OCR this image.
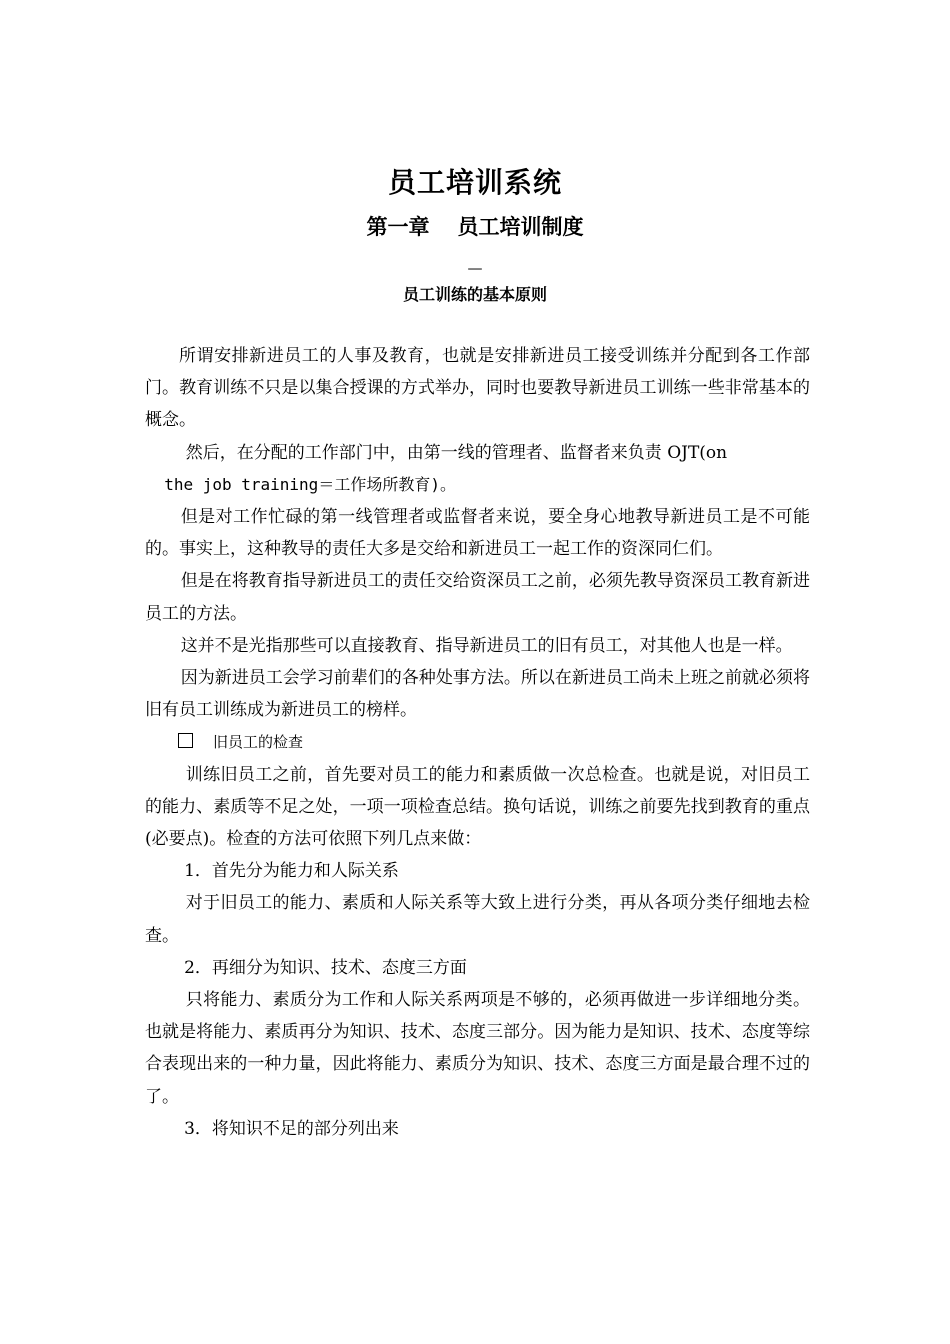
员工培训系统
第一章 员工培训制度
—
员工训练的基本原则

所谓安排新进员工的人事及教育，也就是安排新进员工接受训练并分配到各工作部门。教育训练不只是以集合授课的方式举办，同时也要教导新进员工训练一些非常基本的概念。

然后，在分配的工作部门中，由第一线的管理者、监督者来负责 OJT(on

the job training＝工作场所教育)。

但是对工作忙碌的第一线管理者或监督者来说，要全身心地教导新进员工是不可能的。事实上，这种教导的责任大多是交给和新进员工一起工作的资深同仁们。

但是在将教育指导新进员工的责任交给资深员工之前，必须先教导资深员工教育新进员工的方法。

这并不是光指那些可以直接教育、指导新进员工的旧有员工，对其他人也是一样。

因为新进员工会学习前辈们的各种处事方法。所以在新进员工尚未上班之前就必须将旧有员工训练成为新进员工的榜样。

旧员工的检查

训练旧员工之前，首先要对员工的能力和素质做一次总检查。也就是说，对旧员工的能力、素质等不足之处，一项一项检查总结。换句话说，训练之前要先找到教育的重点(必要点)。检查的方法可依照下列几点来做：

1．首先分为能力和人际关系

对于旧员工的能力、素质和人际关系等大致上进行分类，再从各项分类仔细地去检查。

2．再细分为知识、技术、态度三方面

只将能力、素质分为工作和人际关系两项是不够的，必须再做进一步详细地分类。也就是将能力、素质再分为知识、技术、态度三部分。因为能力是知识、技术、态度等综合表现出来的一种力量，因此将能力、素质分为知识、技术、态度三方面是最合理不过的了。

3．将知识不足的部分列出来
